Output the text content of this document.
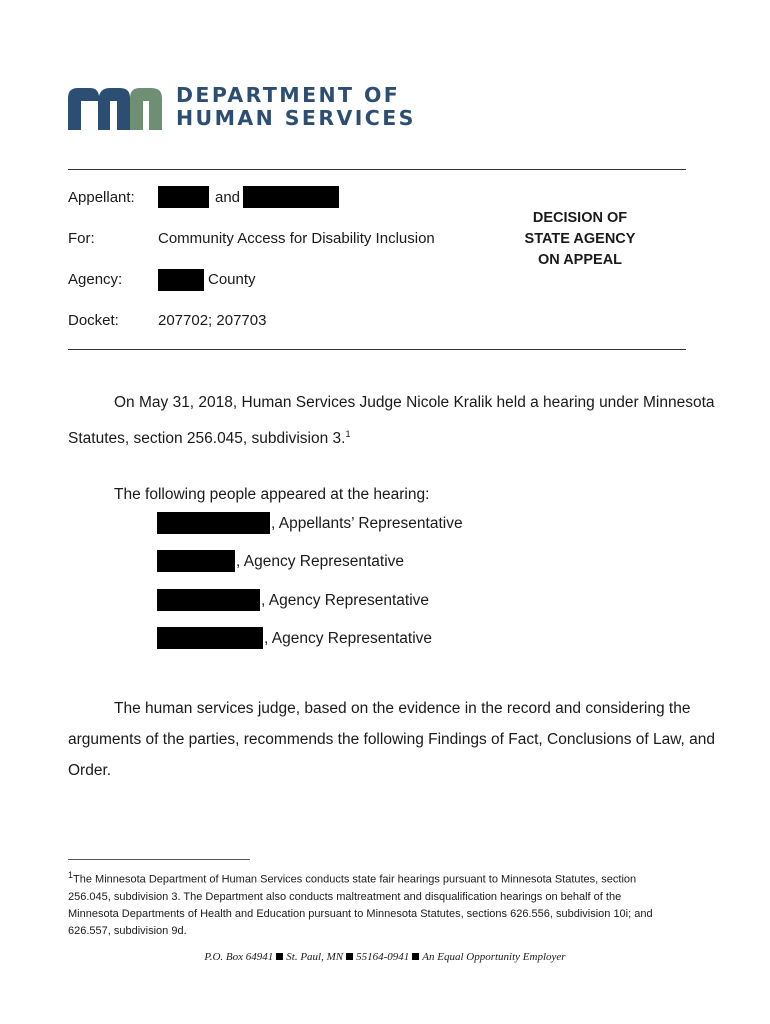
DEPARTMENT OF
HUMAN SERVICES
Appellant:	and
For:	Community Access for Disability Inclusion
Agency:	County
Docket:	207702; 207703
DECISION OF
STATE AGENCY
ON APPEAL
On May 31, 2018, Human Services Judge Nicole Kralik held a hearing under Minnesota
Statutes, section 256.045, subdivision 3.$^1$
The following people appeared at the hearing:
, Appellants’ Representative
, Agency Representative
, Agency Representative
, Agency Representative
The human services judge, based on the evidence in the record and considering the
arguments of the parties, recommends the following Findings of Fact, Conclusions of Law, and
Order.
$^1$The Minnesota Department of Human Services conducts state fair hearings pursuant to Minnesota Statutes, section
256.045, subdivision 3. The Department also conducts maltreatment and disqualification hearings on behalf of the
Minnesota Departments of Health and Education pursuant to Minnesota Statutes, sections 626.556, subdivision 10i; and
626.557, subdivision 9d.
P.O. Box 64941 St. Paul, MN 55164-0941 An Equal Opportunity Employer
